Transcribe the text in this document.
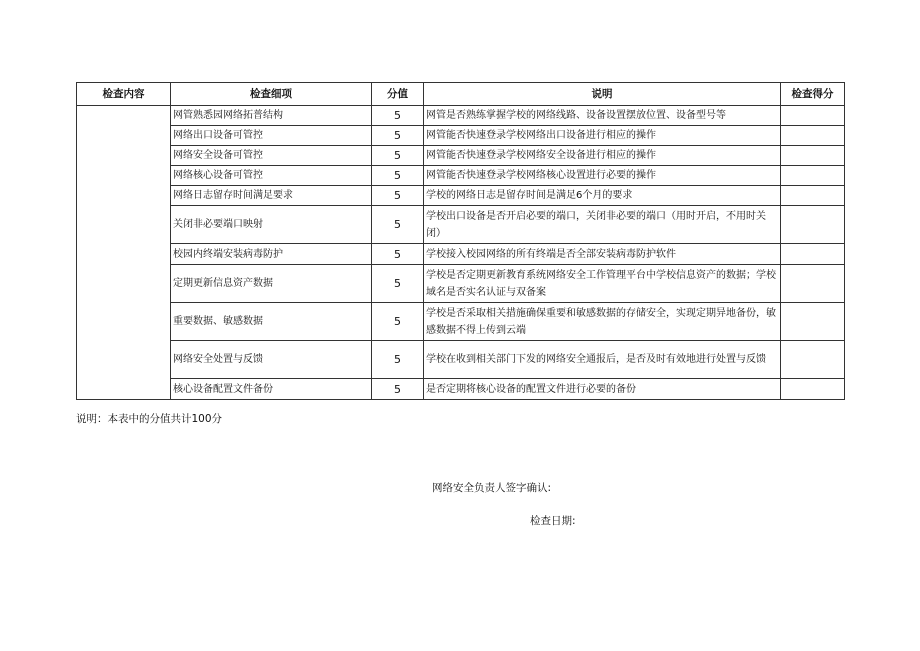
检查内容	检查细项	分值	说明	检查得分
	网管熟悉园网络拓普结构	5	网管是否熟练掌握学校的网络线路、设备设置摆放位置、设备型号等	
	网络出口设备可管控	5	网管能否快速登录学校网络出口设备进行相应的操作	
	网络安全设备可管控	5	网管能否快速登录学校网络安全设备进行相应的操作	
	网络核心设备可管控	5	网管能否快速登录学校网络核心设置进行必要的操作	
	网络日志留存时间满足要求	5	学校的网络日志是留存时间是满足6个月的要求	
	关闭非必要端口映射	5	学校出口设备是否开启必要的端口，关闭非必要的端口（用时开启，不用时关闭）	
	校园内终端安装病毒防护	5	学校接入校园网络的所有终端是否全部安装病毒防护软件	
	定期更新信息资产数据	5	学校是否定期更新教育系统网络安全工作管理平台中学校信息资产的数据；学校域名是否实名认证与双备案	
	重要数据、敏感数据	5	学校是否采取相关措施确保重要和敏感数据的存储安全，实现定期异地备份，敏感数据不得上传到云端	
	网络安全处置与反馈	5	学校在收到相关部门下发的网络安全通报后，是否及时有效地进行处置与反馈	
	核心设备配置文件备份	5	是否定期将核心设备的配置文件进行必要的备份	
说明：本表中的分值共计100分
网络安全负责人签字确认:
检查日期:
